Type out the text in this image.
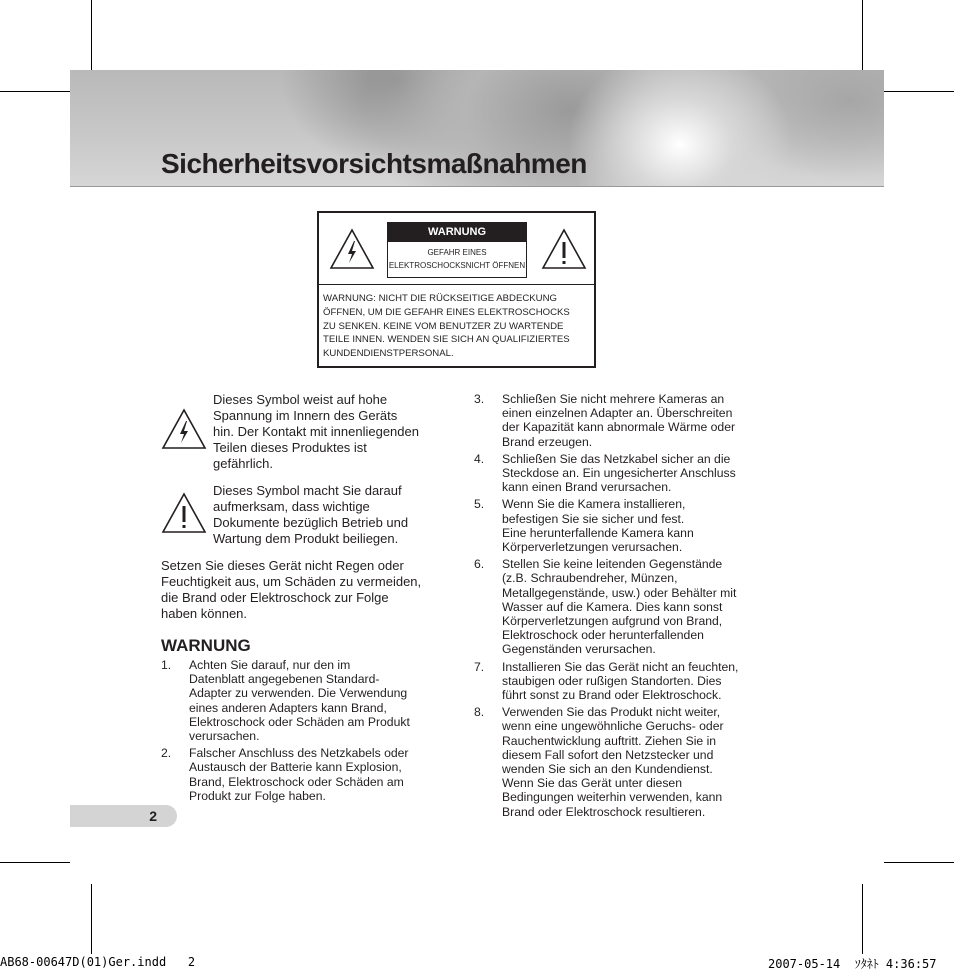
Sicherheitsvorsichtsmaßnahmen
WARNUNG
GEFAHR EINES
ELEKTROSCHOCKSNICHT ÖFFNEN
WARNUNG: NICHT DIE RÜCKSEITIGE ABDECKUNG
ÖFFNEN, UM DIE GEFAHR EINES ELEKTROSCHOCKS
ZU SENKEN. KEINE VOM BENUTZER ZU WARTENDE
TEILE INNEN. WENDEN SIE SICH AN QUALIFIZIERTES
KUNDENDIENSTPERSONAL.
Dieses Symbol weist auf hohe
Spannung im Innern des Geräts
hin. Der Kontakt mit innenliegenden
Teilen dieses Produktes ist
gefährlich.
Dieses Symbol macht Sie darauf
aufmerksam, dass wichtige
Dokumente bezüglich Betrieb und
Wartung dem Produkt beiliegen.
Setzen Sie dieses Gerät nicht Regen oder
Feuchtigkeit aus, um Schäden zu vermeiden,
die Brand oder Elektroschock zur Folge
haben können.
WARNUNG
1. Achten Sie darauf, nur den im
Datenblatt angegebenen Standard-
Adapter zu verwenden. Die Verwendung
eines anderen Adapters kann Brand,
Elektroschock oder Schäden am Produkt
verursachen.
2. Falscher Anschluss des Netzkabels oder
Austausch der Batterie kann Explosion,
Brand, Elektroschock oder Schäden am
Produkt zur Folge haben.
3. Schließen Sie nicht mehrere Kameras an
einen einzelnen Adapter an. Überschreiten
der Kapazität kann abnormale Wärme oder
Brand erzeugen.
4. Schließen Sie das Netzkabel sicher an die
Steckdose an. Ein ungesicherter Anschluss
kann einen Brand verursachen.
5. Wenn Sie die Kamera installieren,
befestigen Sie sie sicher und fest.
Eine herunterfallende Kamera kann
Körperverletzungen verursachen.
6. Stellen Sie keine leitenden Gegenstände
(z.B. Schraubendreher, Münzen,
Metallgegenstände, usw.) oder Behälter mit
Wasser auf die Kamera. Dies kann sonst
Körperverletzungen aufgrund von Brand,
Elektroschock oder herunterfallenden
Gegenständen verursachen.
7. Installieren Sie das Gerät nicht an feuchten,
staubigen oder rußigen Standorten. Dies
führt sonst zu Brand oder Elektroschock.
8. Verwenden Sie das Produkt nicht weiter,
wenn eine ungewöhnliche Geruchs- oder
Rauchentwicklung auftritt. Ziehen Sie in
diesem Fall sofort den Netzstecker und
wenden Sie sich an den Kundendienst.
Wenn Sie das Gerät unter diesen
Bedingungen weiterhin verwenden, kann
Brand oder Elektroschock resultieren.
2
AB68-00647D(01)Ger.indd   2	2007-05-14  ｿﾀﾈﾄ 4:36:57
